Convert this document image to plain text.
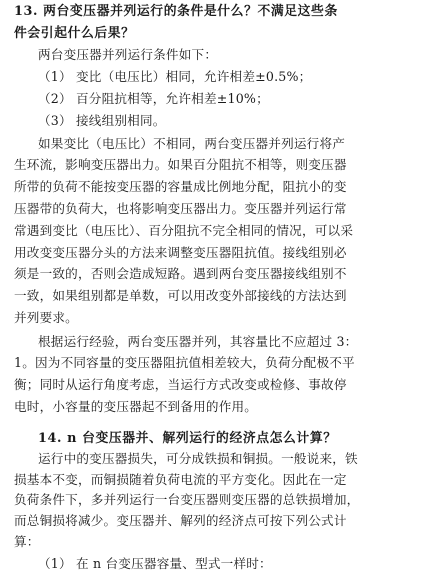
13. 两台变压器并列运行的条件是什么？不满足这些条
件会引起什么后果？
两台变压器并列运行条件如下：
（1） 变比（电压比）相同，允许相差±0.5%；
（2） 百分阻抗相等，允许相差±10%；
（3） 接线组别相同。
如果变比（电压比）不相同，两台变压器并列运行将产
生环流，影响变压器出力。如果百分阻抗不相等，则变压器
所带的负荷不能按变压器的容量成比例地分配，阻抗小的变
压器带的负荷大，也将影响变压器出力。变压器并列运行常
常遇到变比（电压比）、百分阻抗不完全相同的情况，可以采
用改变变压器分头的方法来调整变压器阻抗值。接线组别必
须是一致的，否则会造成短路。遇到两台变压器接线组别不
一致，如果组别都是单数，可以用改变外部接线的方法达到
并列要求。
根据运行经验，两台变压器并列，其容量比不应超过 3：
1。因为不同容量的变压器阻抗值相差较大，负荷分配极不平
衡；同时从运行角度考虑，当运行方式改变或检修、事故停
电时，小容量的变压器起不到备用的作用。
14. n 台变压器并、解列运行的经济点怎么计算？
运行中的变压器损失，可分成铁损和铜损。一般说来，铁
损基本不变，而铜损随着负荷电流的平方变化。因此在一定
负荷条件下，多并列运行一台变压器则变压器的总铁损增加，
而总铜损将减少。变压器并、解列的经济点可按下列公式计
算：
（1） 在 n 台变压器容量、型式一样时：
